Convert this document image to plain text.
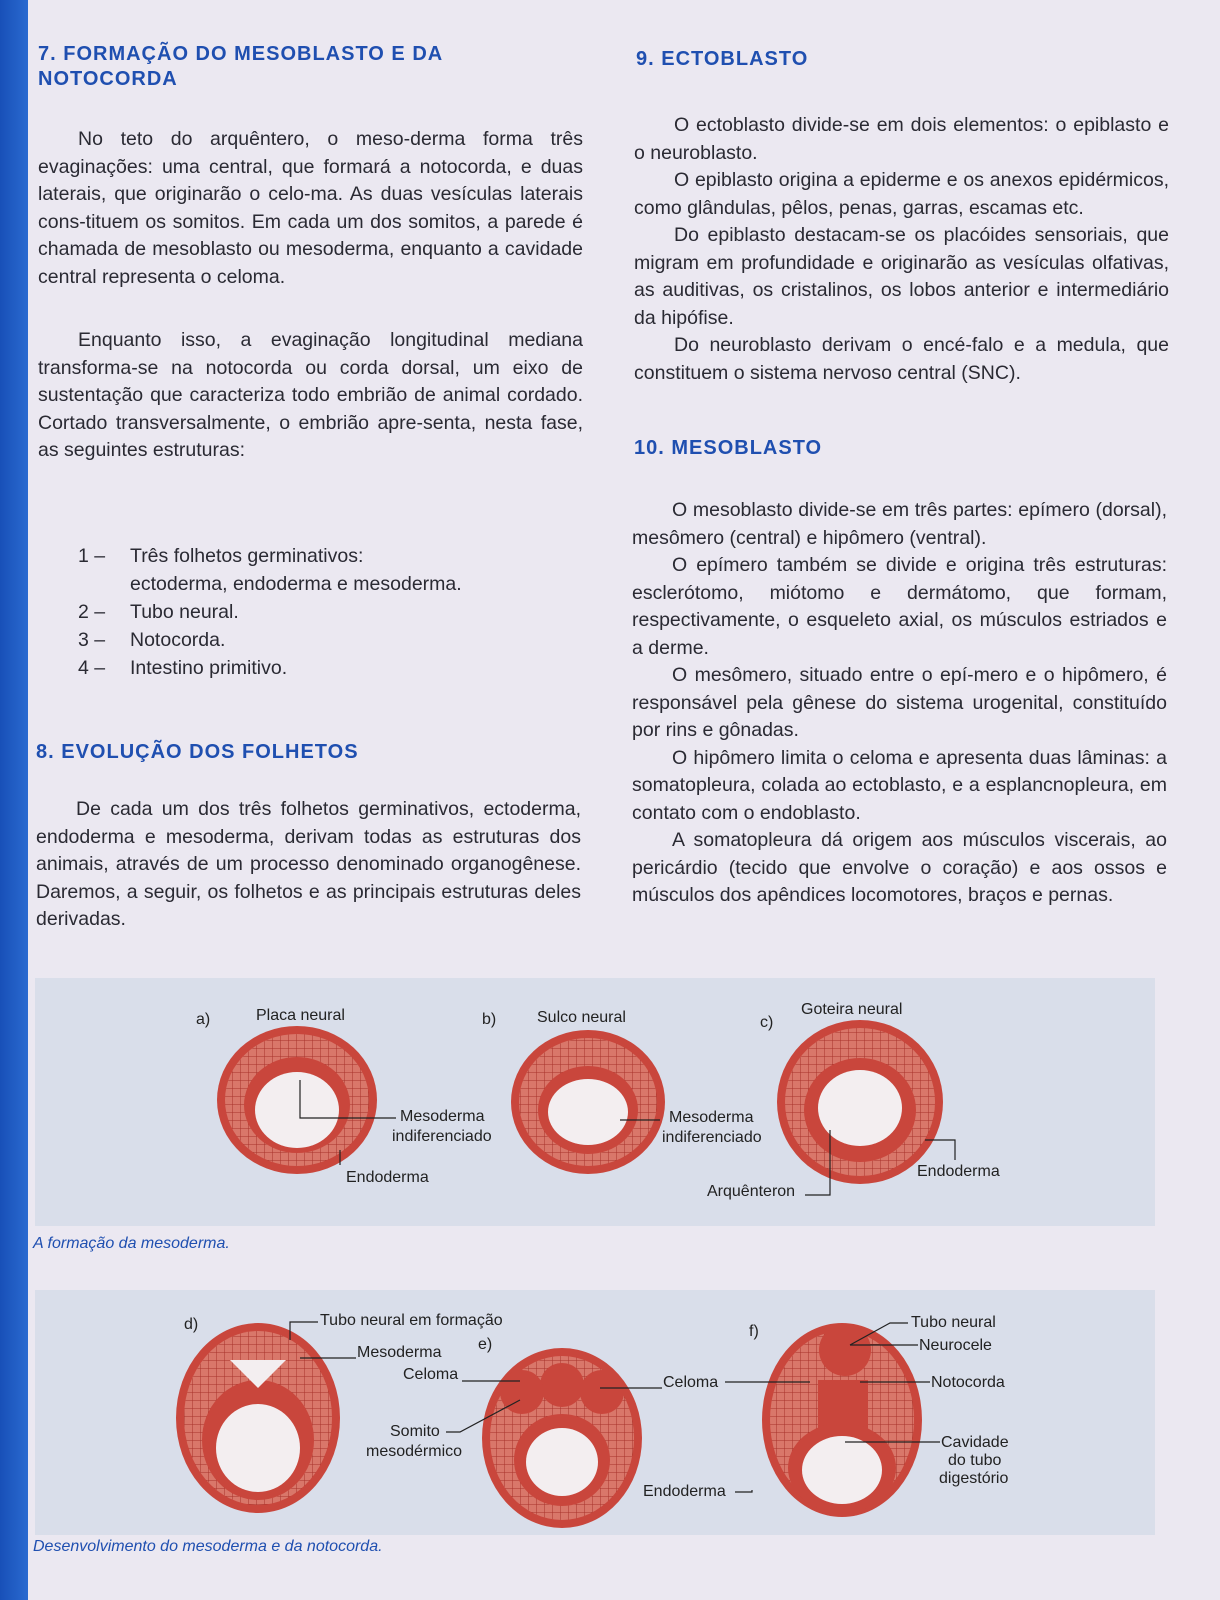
7. FORMAÇÃO DO MESOBLASTO E DA NOTOCORDA

No teto do arquêntero, o meso-derma forma três evaginações: uma central, que formará a notocorda, e duas laterais, que originarão o celo-ma. As duas vesículas laterais cons-tituem os somitos. Em cada um dos somitos, a parede é chamada de mesoblasto ou mesoderma, enquanto a cavidade central representa o celoma.

Enquanto isso, a evaginação longitudinal mediana transforma-se na notocorda ou corda dorsal, um eixo de sustentação que caracteriza todo embrião de animal cordado. Cortado transversalmente, o embrião apre-senta, nesta fase, as seguintes estruturas:

1 –	Três folhetos germinativos:
ectoderma, endoderma e mesoderma.
2 –	Tubo neural.
3 –	Notocorda.
4 –	Intestino primitivo.
8. EVOLUÇÃO DOS FOLHETOS

De cada um dos três folhetos germinativos, ectoderma, endoderma e mesoderma, derivam todas as estruturas dos animais, através de um processo denominado organogênese. Daremos, a seguir, os folhetos e as principais estruturas deles derivadas.

9. ECTOBLASTO

O ectoblasto divide-se em dois elementos: o epiblasto e o neuroblasto.

O epiblasto origina a epiderme e os anexos epidérmicos, como glândulas, pêlos, penas, garras, escamas etc.

Do epiblasto destacam-se os placóides sensoriais, que migram em profundidade e originarão as vesículas olfativas, as auditivas, os cristalinos, os lobos anterior e intermediário da hipófise.

Do neuroblasto derivam o encé-falo e a medula, que constituem o sistema nervoso central (SNC).

10. MESOBLASTO

O mesoblasto divide-se em três partes: epímero (dorsal), mesômero (central) e hipômero (ventral).

O epímero também se divide e origina três estruturas: esclerótomo, miótomo e dermátomo, que formam, respectivamente, o esqueleto axial, os músculos estriados e a derme.

O mesômero, situado entre o epí-mero e o hipômero, é responsável pela gênese do sistema urogenital, constituído por rins e gônadas.

O hipômero limita o celoma e apresenta duas lâminas: a somatopleura, colada ao ectoblasto, e a esplancnopleura, em contato com o endoblasto.

A somatopleura dá origem aos músculos viscerais, ao pericárdio (tecido que envolve o coração) e aos ossos e músculos dos apêndices locomotores, braços e pernas.

a)	Placa neural
Mesoderma
indiferenciado
Endoderma
b)	Sulco neural
Mesoderma
indiferenciado
c)
Goteira neural
Endoderma
Arquênteron
A formação da mesoderma.
d)	Tubo neural em formação
Mesoderma e)
Celoma
Somito
mesodérmico
Endoderma
f)
Celoma
Tubo neural
Neurocele
Notocorda
Cavidade
do tubo
digestório
Desenvolvimento do mesoderma e da notocorda.
